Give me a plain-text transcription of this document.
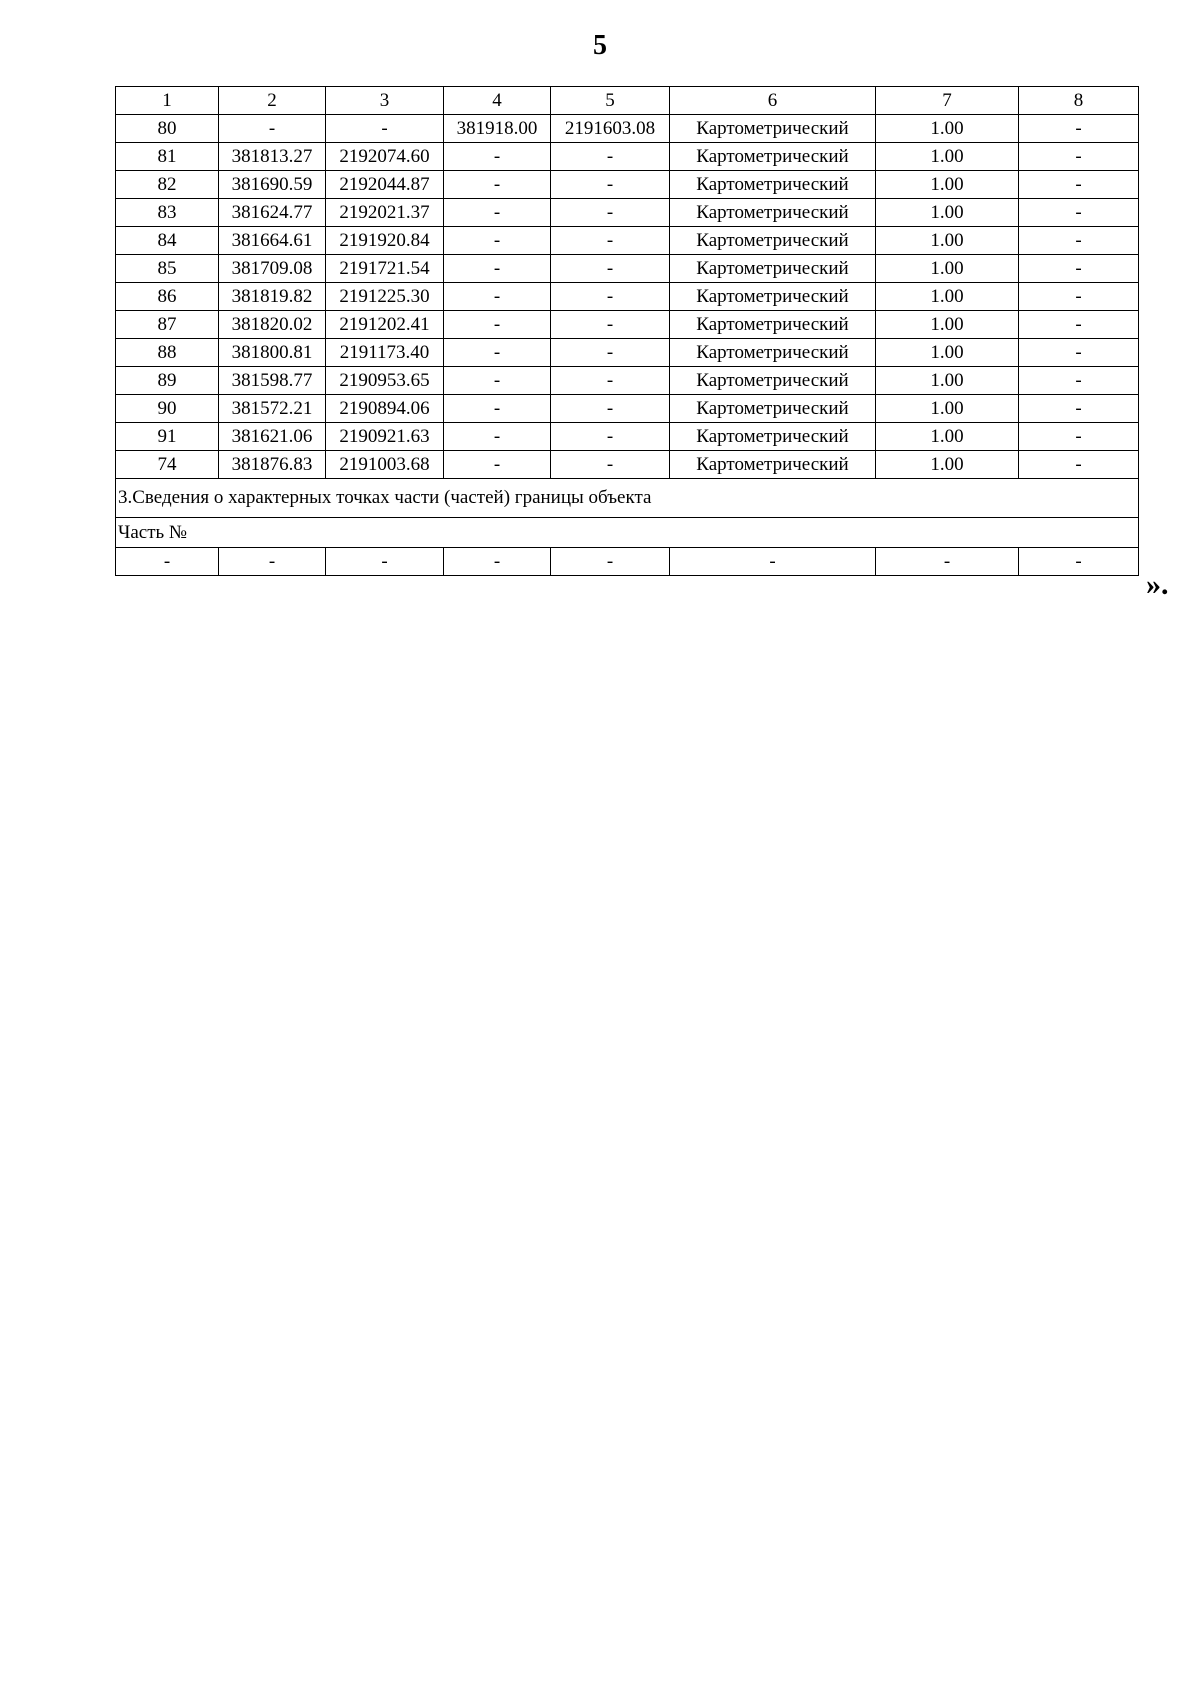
5
1	2	3	4	5	6	7	8
80	-	-	381918.00	2191603.08	Картометрический	1.00	-
81	381813.27	2192074.60	-	-	Картометрический	1.00	-
82	381690.59	2192044.87	-	-	Картометрический	1.00	-
83	381624.77	2192021.37	-	-	Картометрический	1.00	-
84	381664.61	2191920.84	-	-	Картометрический	1.00	-
85	381709.08	2191721.54	-	-	Картометрический	1.00	-
86	381819.82	2191225.30	-	-	Картометрический	1.00	-
87	381820.02	2191202.41	-	-	Картометрический	1.00	-
88	381800.81	2191173.40	-	-	Картометрический	1.00	-
89	381598.77	2190953.65	-	-	Картометрический	1.00	-
90	381572.21	2190894.06	-	-	Картометрический	1.00	-
91	381621.06	2190921.63	-	-	Картометрический	1.00	-
74	381876.83	2191003.68	-	-	Картометрический	1.00	-
3.Сведения о характерных точках части (частей) границы объекта							
Часть №							
-	-	-	-	-	-	-	-
».
